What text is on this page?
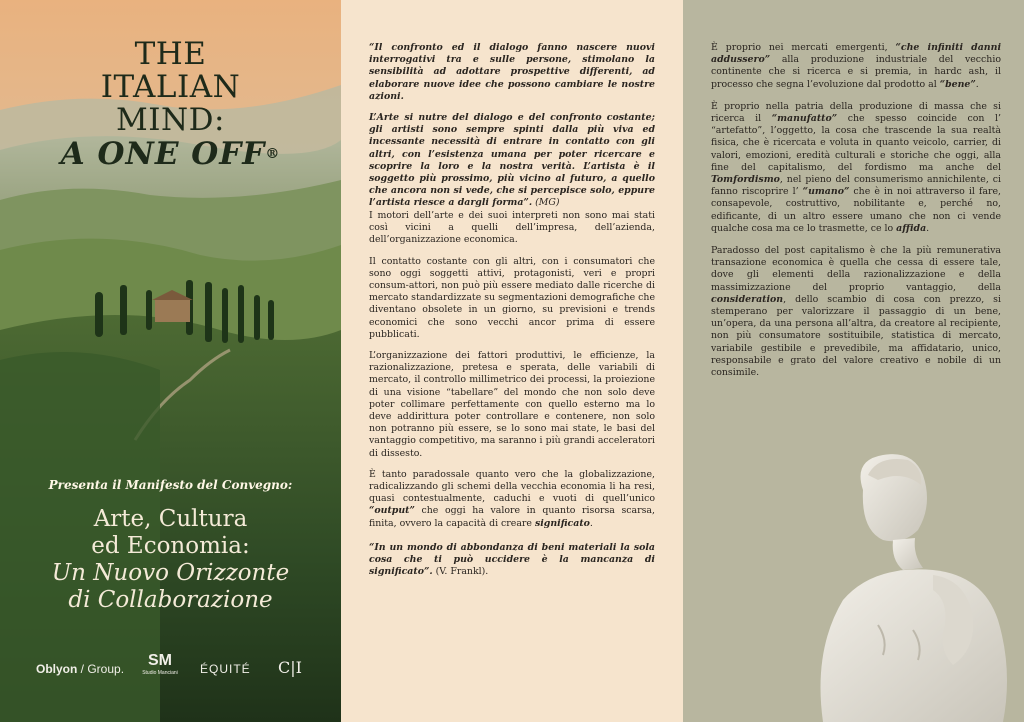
THE
ITALIAN
MIND:
A ONE OFF®
Presenta il Manifesto del Convegno:
Arte, Cultura
ed Economia:
Un Nuovo Orizzonte
di Collaborazione
Oblyon / Group.	SM
Studio Manciani	ÉQUITÉ C|I

“Il confronto ed il dialogo fanno nascere nuovi interrogativi tra e sulle persone, stimolano la sensibilità ad adottare prospettive differenti, ad elaborare nuove idee che possono cambiare le nostre azioni.

L’Arte si nutre del dialogo e del confronto costante; gli artisti sono sempre spinti dalla più viva ed incessante necessità di entrare in contatto con gli altri, con l’esistenza umana per poter ricercare e scoprire la loro e la nostra verità. L’artista è il soggetto più prossimo, più vicino al futuro, a quello che ancora non si vede, che si percepisce solo, eppure l’artista riesce a dargli forma”. (MG)

I motori dell’arte e dei suoi interpreti non sono mai stati così vicini a quelli dell’impresa, dell’azienda, dell’organizzazione economica.

Il contatto costante con gli altri, con i consumatori che sono oggi soggetti attivi, protagonisti, veri e propri consum-attori, non può più essere mediato dalle ricerche di mercato standardizzate su segmentazioni demografiche che diventano obsolete in un giorno, su previsioni e trends economici che sono vecchi ancor prima di essere pubblicati.

L’organizzazione dei fattori produttivi, le efficienze, la razionalizzazione, pretesa e sperata, delle variabili di mercato, il controllo millimetrico dei processi, la proiezione di una visione “tabellare” del mondo che non solo deve poter collimare perfettamente con quello esterno ma lo deve addirittura poter controllare e contenere, non solo non potranno più essere, se lo sono mai state, le basi del vantaggio competitivo, ma saranno i più grandi acceleratori di dissesto.

È tanto paradossale quanto vero che la globalizzazione, radicalizzando gli schemi della vecchia economia li ha resi, quasi contestualmente, caduchi e vuoti di quell’unico “output” che oggi ha valore in quanto risorsa scarsa, finita, ovvero la capacità di creare significato.

“In un mondo di abbondanza di beni materiali la sola cosa che ti può uccidere è la mancanza di significato”. (V. Frankl).

È proprio nei mercati emergenti, “che infiniti danni addussero” alla produzione industriale del vecchio continente che si ricerca e si premia, in hardc ash, il processo che segna l’evoluzione dal prodotto al “bene”.

È proprio nella patria della produzione di massa che si ricerca il “manufatto” che spesso coincide con l’ “artefatto”, l’oggetto, la cosa che trascende la sua realtà fisica, che è ricercata e voluta in quanto veicolo, carrier, di valori, emozioni, eredità culturali e storiche che oggi, alla fine del capitalismo, del fordismo ma anche del Tomfordismo, nel pieno del consumerismo annichilente, ci fanno riscoprire l’ “umano” che è in noi attraverso il fare, consapevole, costruttivo, nobilitante e, perché no, edificante, di un altro essere umano che non ci vende qualche cosa ma ce lo trasmette, ce lo affida.

Paradosso del post capitalismo è che la più remunerativa transazione economica è quella che cessa di essere tale, dove gli elementi della razionalizzazione e della massimizzazione del proprio vantaggio, della consideration, dello scambio di cosa con prezzo, si stemperano per valorizzare il passaggio di un bene, un’opera, da una persona all’altra, da creatore al recipiente, non più consumatore sostituibile, statistica di mercato, variabile gestibile e prevedibile, ma affidatario, unico, responsabile e grato del valore creativo e nobile di un consimile.
